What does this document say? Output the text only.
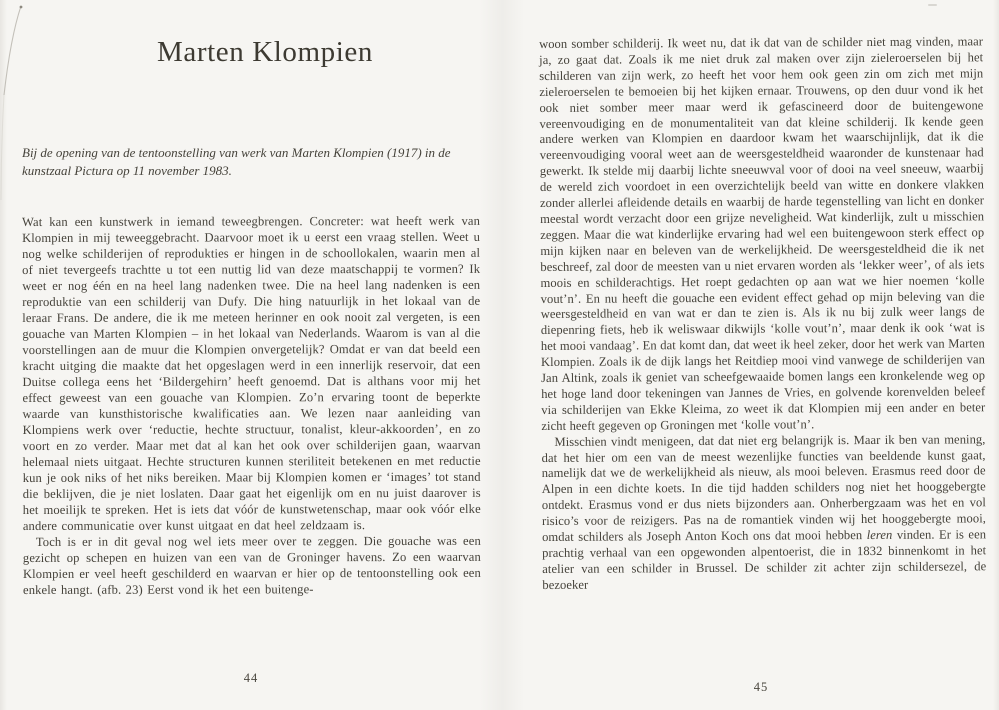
Marten Klompien

Bij de opening van de tentoonstelling van werk van Marten Klompien (1917) in de kunstzaal Pictura op 11 november 1983.

Wat kan een kunstwerk in iemand teweegbrengen. Concreter: wat heeft werk van Klompien in mij teweeggebracht. Daarvoor moet ik u eerst een vraag stellen. Weet u nog welke schilderijen of reprodukties er hingen in de schoollokalen, waarin men al of niet tevergeefs trachtte u tot een nuttig lid van deze maatschappij te vormen? Ik weet er nog één en na heel lang nadenken twee. Die na heel lang nadenken is een reproduktie van een schilderij van Dufy. Die hing natuurlijk in het lokaal van de leraar Frans. De andere, die ik me meteen herinner en ook nooit zal vergeten, is een gouache van Marten Klompien – in het lokaal van Nederlands. Waarom is van al die voorstellingen aan de muur die Klompien onvergetelijk? Omdat er van dat beeld een kracht uitging die maakte dat het opgeslagen werd in een innerlijk reservoir, dat een Duitse collega eens het ‘Bildergehirn’ heeft genoemd. Dat is althans voor mij het effect geweest van een gouache van Klompien. Zo’n ervaring toont de beperkte waarde van kunsthistorische kwalificaties aan. We lezen naar aanleiding van Klompiens werk over ‘reductie, hechte structuur, tonalist, kleur-akkoorden’, en zo voort en zo verder. Maar met dat al kan het ook over schilderijen gaan, waarvan helemaal niets uitgaat. Hechte structuren kunnen steriliteit betekenen en met reductie kun je ook niks of het niks bereiken. Maar bij Klompien komen er ‘images’ tot stand die beklijven, die je niet loslaten. Daar gaat het eigenlijk om en nu juist daarover is het moeilijk te spreken. Het is iets dat vóór de kunstwetenschap, maar ook vóór elke andere communicatie over kunst uitgaat en dat heel zeldzaam is.

Toch is er in dit geval nog wel iets meer over te zeggen. Die gouache was een gezicht op schepen en huizen van een van de Groninger havens. Zo een waarvan Klompien er veel heeft geschilderd en waarvan er hier op de tentoonstelling ook een enkele hangt. (afb. 23) Eerst vond ik het een buitenge-

44

woon somber schilderij. Ik weet nu, dat ik dat van de schilder niet mag vinden, maar ja, zo gaat dat. Zoals ik me niet druk zal maken over zijn zieleroerselen bij het schilderen van zijn werk, zo heeft het voor hem ook geen zin om zich met mijn zieleroerselen te bemoeien bij het kijken ernaar. Trouwens, op den duur vond ik het ook niet somber meer maar werd ik gefascineerd door de buitengewone vereenvoudiging en de monumentaliteit van dat kleine schilderij. Ik kende geen andere werken van Klompien en daardoor kwam het waarschijnlijk, dat ik die vereenvoudiging vooral weet aan de weersgesteldheid waaronder de kunstenaar had gewerkt. Ik stelde mij daarbij lichte sneeuwval voor of dooi na veel sneeuw, waarbij de wereld zich voordoet in een overzichtelijk beeld van witte en donkere vlakken zonder allerlei afleidende details en waarbij de harde tegenstelling van licht en donker meestal wordt verzacht door een grijze neveligheid. Wat kinderlijk, zult u misschien zeggen. Maar die wat kinderlijke ervaring had wel een buitengewoon sterk effect op mijn kijken naar en beleven van de werkelijkheid. De weersgesteldheid die ik net beschreef, zal door de meesten van u niet ervaren worden als ‘lekker weer’, of als iets moois en schilderachtigs. Het roept gedachten op aan wat we hier noemen ‘kolle vout’n’. En nu heeft die gouache een evident effect gehad op mijn beleving van die weersgesteldheid en van wat er dan te zien is. Als ik nu bij zulk weer langs de diepenring fiets, heb ik weliswaar dikwijls ‘kolle vout’n’, maar denk ik ook ‘wat is het mooi vandaag’. En dat komt dan, dat weet ik heel zeker, door het werk van Marten Klompien. Zoals ik de dijk langs het Reitdiep mooi vind vanwege de schilderijen van Jan Altink, zoals ik geniet van scheefgewaaide bomen langs een kronkelende weg op het hoge land door tekeningen van Jannes de Vries, en golvende korenvelden beleef via schilderijen van Ekke Kleima, zo weet ik dat Klompien mij een ander en beter zicht heeft gegeven op Groningen met ‘kolle vout’n’.

Misschien vindt menigeen, dat dat niet erg belangrijk is. Maar ik ben van mening, dat het hier om een van de meest wezenlijke functies van beeldende kunst gaat, namelijk dat we de werkelijkheid als nieuw, als mooi beleven. Erasmus reed door de Alpen in een dichte koets. In die tijd hadden schilders nog niet het hooggebergte ontdekt. Erasmus vond er dus niets bijzonders aan. Onherbergzaam was het en vol risico’s voor de reizigers. Pas na de romantiek vinden wij het hooggebergte mooi, omdat schilders als Joseph Anton Koch ons dat mooi hebben leren vinden. Er is een prachtig verhaal van een opgewonden alpentoerist, die in 1832 binnenkomt in het atelier van een schilder in Brussel. De schilder zit achter zijn schildersezel, de bezoeker

45
